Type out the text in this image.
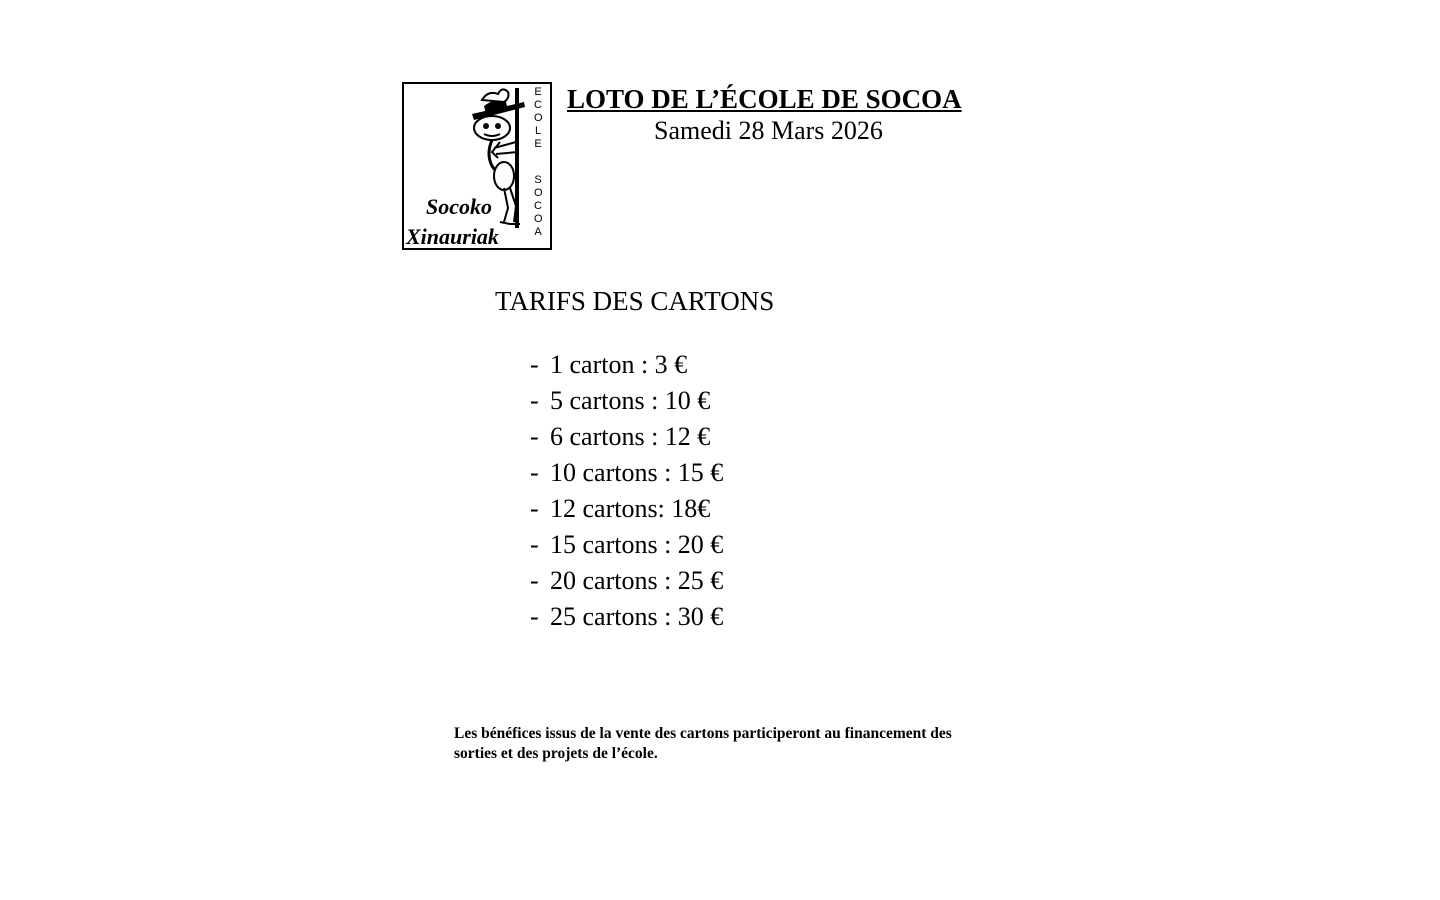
Socoko
Xinauriak
ECOLE
SOCOA
LOTO DE L’ÉCOLE DE SOCOA
Samedi 28 Mars 2026
TARIFS DES CARTONS
- 1 carton : 3 €
- 5 cartons : 10 €
- 6 cartons : 12 €
- 10 cartons : 15 €
- 12 cartons: 18€
- 15 cartons : 20 €
- 20 cartons : 25 €
- 25 cartons : 30 €
Les bénéfices issus de la vente des cartons participeront au financement des sorties et des projets de l’école.
